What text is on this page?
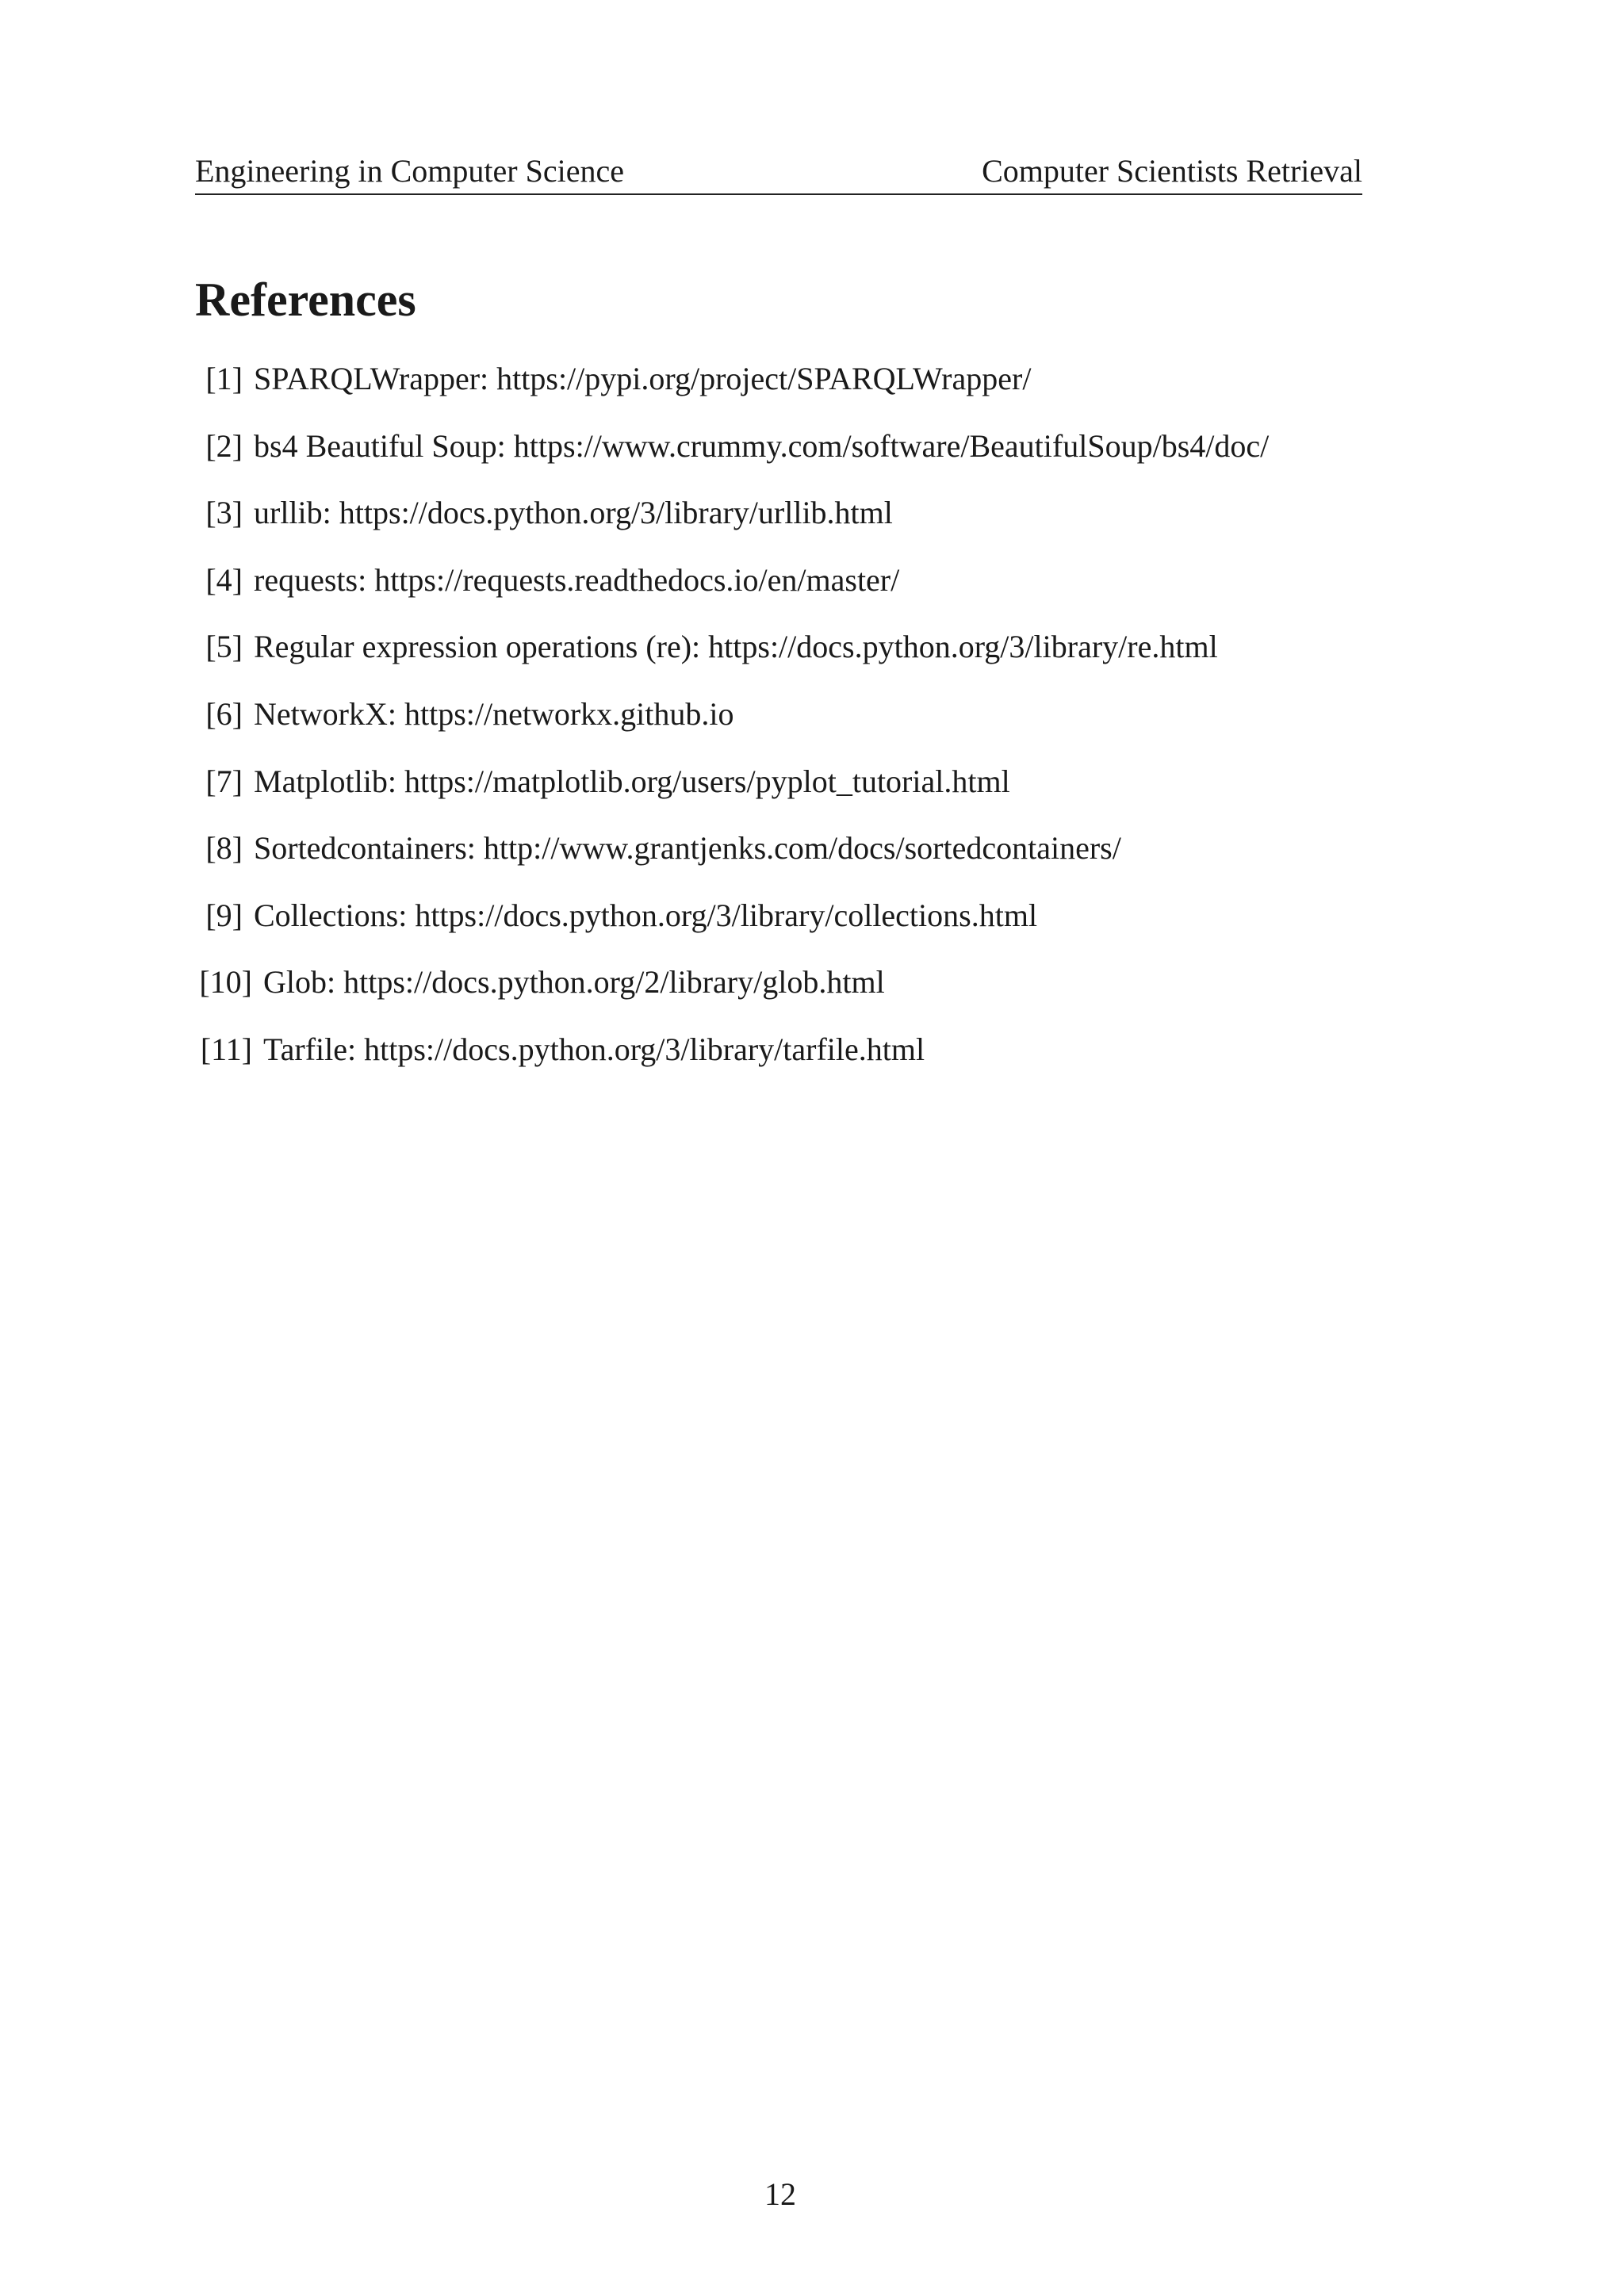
Engineering in Computer Science	Computer Scientists Retrieval
References
[1] SPARQLWrapper: https://pypi.org/project/SPARQLWrapper/
[2] bs4 Beautiful Soup: https://www.crummy.com/software/BeautifulSoup/bs4/doc/
[3] urllib: https://docs.python.org/3/library/urllib.html
[4] requests: https://requests.readthedocs.io/en/master/
[5] Regular expression operations (re): https://docs.python.org/3/library/re.html
[6] NetworkX: https://networkx.github.io
[7] Matplotlib: https://matplotlib.org/users/pyplot_tutorial.html
[8] Sortedcontainers: http://www.grantjenks.com/docs/sortedcontainers/
[9] Collections: https://docs.python.org/3/library/collections.html
[10] Glob: https://docs.python.org/2/library/glob.html
[11] Tarfile: https://docs.python.org/3/library/tarfile.html
12
